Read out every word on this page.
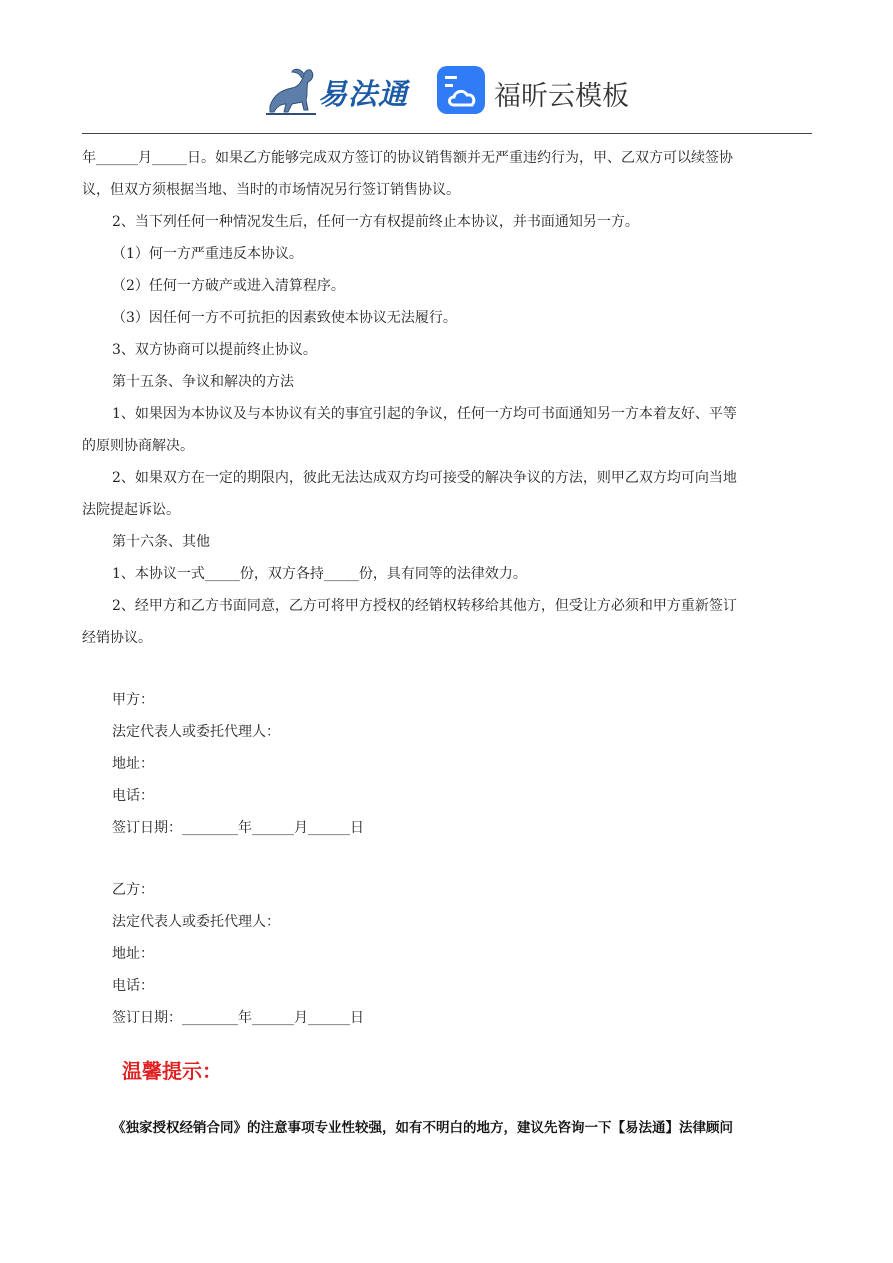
易法通	福昕云模板
年______月_____日。如果乙方能够完成双方签订的协议销售额并无严重违约行为，甲、乙双方可以续签协
议，但双方须根据当地、当时的市场情况另行签订销售协议。
2、当下列任何一种情况发生后，任何一方有权提前终止本协议，并书面通知另一方。
（1）何一方严重违反本协议。
（2）任何一方破产或进入清算程序。
（3）因任何一方不可抗拒的因素致使本协议无法履行。
3、双方协商可以提前终止协议。
第十五条、争议和解决的方法
1、如果因为本协议及与本协议有关的事宜引起的争议，任何一方均可书面通知另一方本着友好、平等
的原则协商解决。
2、如果双方在一定的期限内，彼此无法达成双方均可接受的解决争议的方法，则甲乙双方均可向当地
法院提起诉讼。
第十六条、其他
1、本协议一式_____份，双方各持_____份，具有同等的法律效力。
2、经甲方和乙方书面同意，乙方可将甲方授权的经销权转移给其他方，但受让方必须和甲方重新签订
经销协议。
甲方：
法定代表人或委托代理人：
地址：
电话：
签订日期：________年______月______日
乙方：
法定代表人或委托代理人：
地址：
电话：
签订日期：________年______月______日
温馨提示：
《独家授权经销合同》的注意事项专业性较强，如有不明白的地方，建议先咨询一下【易法通】法律顾问
